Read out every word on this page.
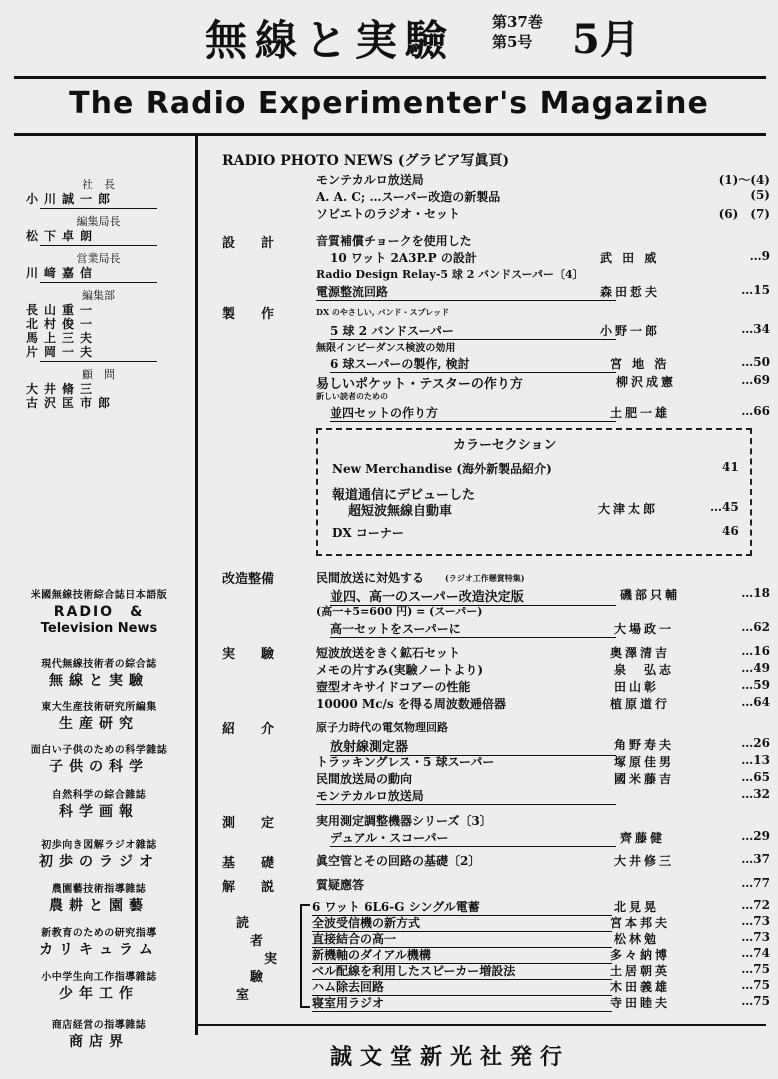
無線と実驗 第37巻
第5号 5月
The Radio Experimenter's Magazine
社　長
小川誠一郎
編集局長
松下卓朗
営業局長
川﨑嘉信
編集部
長山重一
北村俊一
馬上三夫
片岡一夫
顧　問
大井脩三
古沢匡市郎
米國無線技術綜合誌日本語版
RADIO　&
Television News
現代無線技術者の綜合誌
無線と実驗
東大生産技術研究所編集
生産研究
面白い子供のための科学雜誌
子供の科学
自然科学の綜合雜誌
科学画報
初歩向き図解ラジオ雜誌
初歩のラジオ
農園藝技術指導雜誌
農耕と園藝
新教育のための研究指導
カリキュラム
小中学生向工作指導雜誌
少年工作
商店経営の指導雜誌
商店界
RADIO PHOTO NEWS (グラビア写眞頁)
モンテカルロ放送局	(1)～(4)
A. A. C; …スーパー改造の新製品	(5)
ソビエトのラジオ・セット	(6)　(7)
設　　計	音質補償チョークを使用した
10 ワット 2A3P.P の設計	武 田 威	…9
Radio Design Relay-5 球 2 バンドスーパー〔4〕
電源整流回路	森田悊夫	…15
製　　作	DX のやさしい, バンド・スプレッド
5 球 2 バンドスーパー	小野一郎	…34
無限インピーダンス検波の効用
6 球スーパーの製作, 検討	宮 地 浩	…50
易しいポケット・テスターの作り方	柳沢成憲	…69
新しい読者のための
並四セットの作り方	土肥一雄	…66
カラーセクション
New Merchandise (海外新製品紹介)	41
報道通信にデビューした
超短波無線自動車	大津太郎	…45
DX コーナー	46
改造整備	民間放送に対処する	(ラジオ工作懸賞特集)
並四、高一のスーパー改造決定版	磯部只輔	…18
(高一+5=600 円) = (スーパー)
高一セットをスーパーに	大場政一	…62
実　　驗	短波放送をきく鉱石セット	奥澤清吉	…16
メモの片すみ(実驗ノートより)	泉　弘志	…49
壺型オキサイドコアーの性能	田山彰	…59
10000 Mc/s を得る周波数逓倍器	植原道行	…64
紹　　介	原子力時代の電気物理回路
放射線測定器	角野寿夫	…26
トラッキングレス・5 球スーパー	塚原佳男	…13
民間放送局の動向	國米藤吉	…65
モンテカルロ放送局	…32
測　　定	実用測定調整機器シリーズ〔3〕
デュアル・スコーパー	齊藤健	…29
基　　礎	眞空管とその回路の基礎〔2〕	大井修三	…37
解　　説	質疑應答	…77
読
者
実
驗
室
6 ワット 6L6-G シングル電蓄	北見晃	…72
全波受信機の新方式	宮本邦夫	…73
直接結合の高一	松林勉	…73
新機軸のダイアル機構	多々納博	…74
ベル配線を利用したスピーカー増設法	土居朝英	…75
ハム除去回路	木田義雄	…75
寝室用ラジオ	寺田睦夫	…75
誠文堂新光社発行
